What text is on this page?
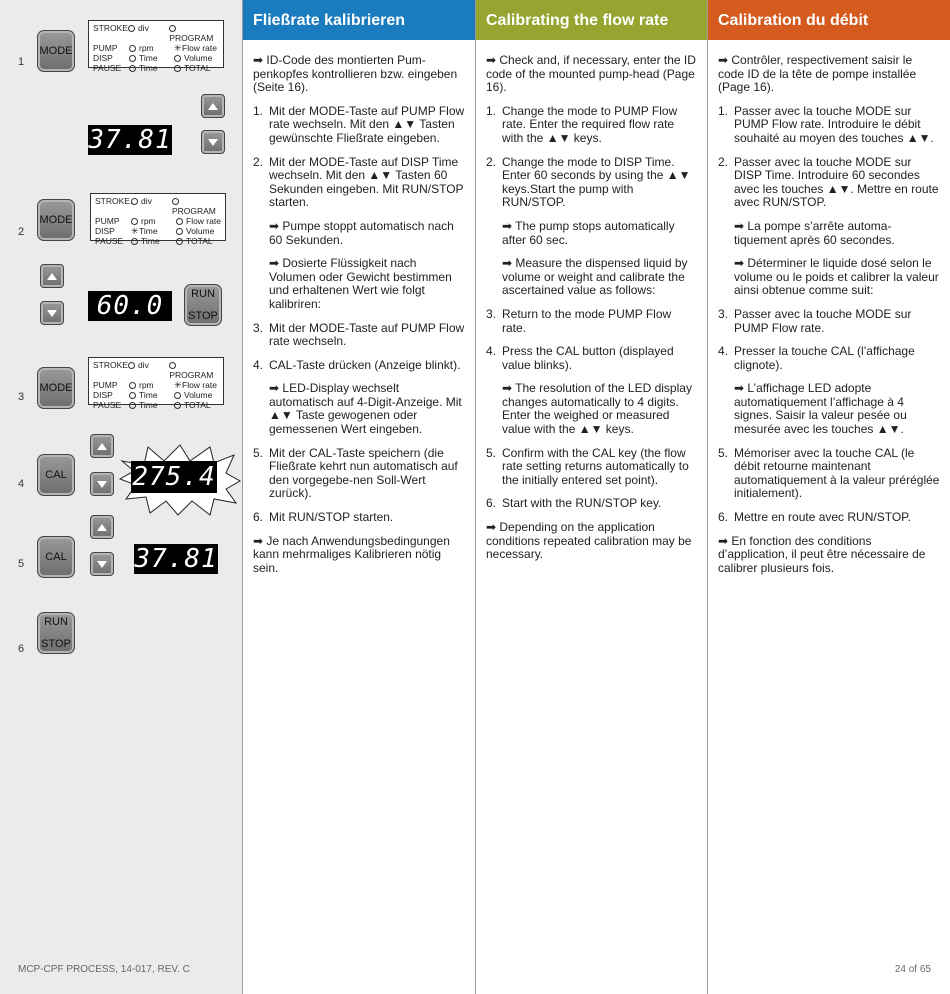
1
MODE
STROKE	div
PROGRAM
PUMP	rpm	✳Flow rate
DISP	Time	Volume
PAUSE	Time	TOTAL
37.81
2
MODE
STROKE.	div
PROGRAM
PUMP	rpm	Flow rate
DISP	✳Time	Volume
PAUSE	Time	TOTAL
60.0	RUN

STOP
3
MODE
STROKE	div
PROGRAM
PUMP	rpm	✳Flow rate
DISP	Time	Volume
PAUSE	Time	TOTAL
4
CAL	275.4
5
CAL	37.81
6
RUN

STOP
MCP-CPF PROCESS, 14-017, REV. C
Fließrate kalibrieren

➡ ID-Code des montierten Pum-penkopfes kontrollieren bzw. eingeben (Seite 16).

1. Mit der MODE-Taste auf PUMP Flow rate wechseln. Mit den ▲▼ Tasten gewünschte Fließrate eingeben.
2. Mit der MODE-Taste auf DISP Time wechseln. Mit den ▲▼ Tasten 60 Sekunden eingeben. Mit RUN/STOP starten.
➡ Pumpe stoppt automatisch nach 60 Sekunden.
➡ Dosierte Flüssigkeit nach Volumen oder Gewicht bestimmen und erhaltenen Wert wie folgt kalibriren:
3. Mit der MODE-Taste auf PUMP Flow rate wechseln.
4. CAL-Taste drücken (Anzeige blinkt).
➡ LED-Display wechselt automatisch auf 4-Digit-Anzeige. Mit ▲▼ Taste gewogenen oder gemessenen Wert eingeben.
5. Mit der CAL-Taste speichern (die Fließrate kehrt nun automatisch auf den vorgegebe-nen Soll-Wert zurück).
6. Mit RUN/STOP starten.

➡ Je nach Anwendungsbedingungen kann mehrmaliges Kalibrieren nötig sein.

Calibrating the flow rate

➡ Check and, if necessary, enter the ID code of the mounted pump-head (Page 16).

1. Change the mode to PUMP Flow rate. Enter the required flow rate with the ▲▼ keys.
2. Change the mode to DISP Time. Enter 60 seconds by using the ▲▼ keys.Start the pump with RUN/STOP.
➡ The pump stops automatically after 60 sec.
➡ Measure the dispensed liquid by volume or weight and calibrate the ascertained value as follows:
3. Return to the mode PUMP Flow rate.
4. Press the CAL button (displayed value blinks).
➡ The resolution of the LED display changes automatically to 4 digits. Enter the weighed or measured value with the ▲▼ keys.
5. Confirm with the CAL key (the flow rate setting returns automatically to the initially entered set point).
6. Start with the RUN/STOP key.

➡ Depending on the application conditions repeated calibration may be necessary.

Calibration du débit

➡ Contrôler, respectivement saisir le code ID de la tête de pompe installée (Page 16).

1. Passer avec la touche MODE sur PUMP Flow rate. Introduire le débit souhaité au moyen des touches ▲▼.
2. Passer avec la touche MODE sur DISP Time. Introduire 60 secondes avec les touches ▲▼. Mettre en route avec RUN/STOP.
➡ La pompe s’arrête automa-tiquement après 60 secondes.
➡ Déterminer le liquide dosé selon le volume ou le poids et calibrer la valeur ainsi obtenue comme suit:
3. Passer avec la touche MODE sur PUMP Flow rate.
4. Presser la touche CAL (l’affichage clignote).
➡ L’affichage LED adopte automatiquement l’affichage à 4 signes. Saisir la valeur pesée ou mesurée avec les touches ▲▼.
5. Mémoriser avec la touche CAL (le débit retourne maintenant automatiquement à la valeur préréglée initialement).
6. Mettre en route avec RUN/STOP.

➡ En fonction des conditions d’application, il peut être nécessaire de calibrer plusieurs fois.

24 of 65
